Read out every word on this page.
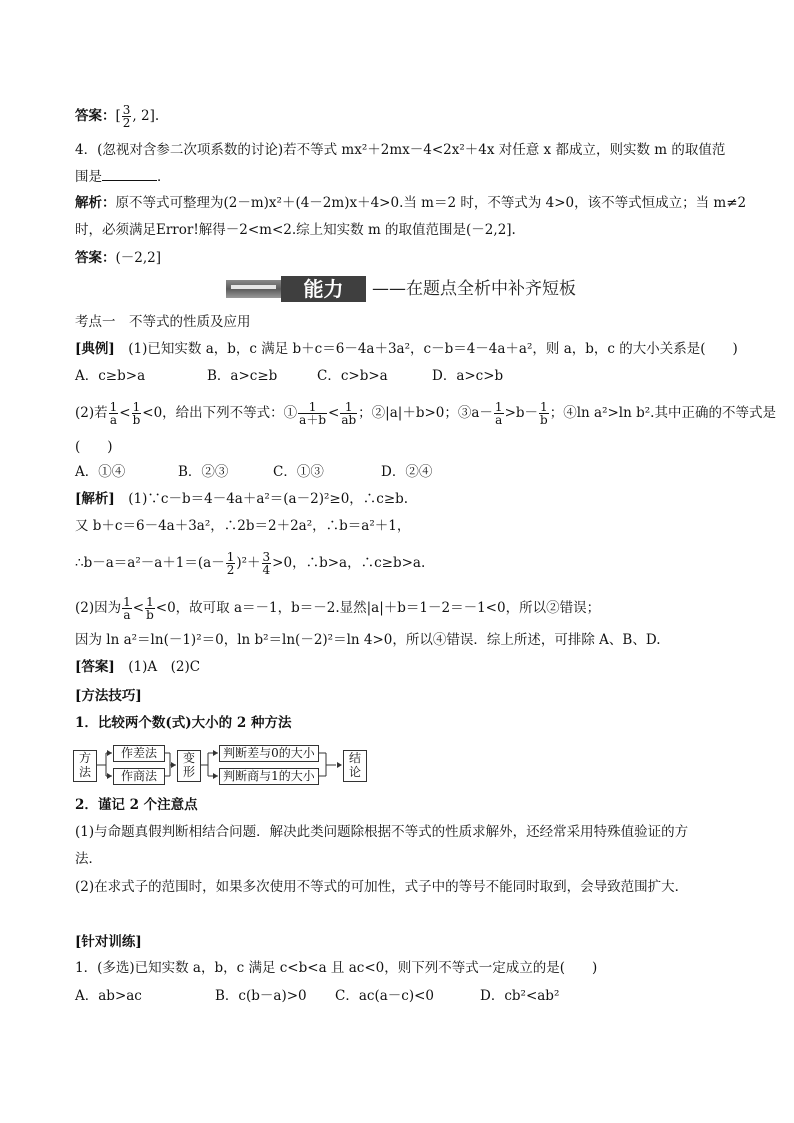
答案：[ $\frac{3}{2}$ , 2].
4．(忽视对含参二次项系数的讨论)若不等式 mx²＋2mx－4<2x²＋4x 对任意 x 都成立，则实数 m 的取值范
围是	．
解析：原不等式可整理为(2－m)x²＋(4－2m)x＋4>0.当 m＝2 时，不等式为 4>0，该不等式恒成立；当 m≠2
时，必须满足Error!解得－2<m<2.综上知实数 m 的取值范围是(－2,2].
答案：(－2,2]
能力	——在题点全析中补齐短板
考点一　不等式的性质及应用
[典例]　 (1)已知实数 a，b，c 满足 b＋c＝6－4a＋3a²，c－b＝4－4a＋a²，则 a，b，c 的大小关系是(　　)
A．c≥b>a	B．a>c≥b	C．c>b>a	D．a>c>b
(2)若 $\frac{1}{a} < \frac{1}{b} <0$，给出下列不等式：① $\frac{1}{a+b} < \frac{1}{ab}$ ；②|a|＋b>0；③a－ $\frac{1}{a} >b- \frac{1}{b}$ ；④ln a²>ln b².其中正确的不等式是
(　　)
A．①④	B．②③	C．①③	D．②④
[解析]　 (1)∵c－b＝4－4a＋a²＝(a－2)²≥0，∴c≥b.
又 b＋c＝6－4a＋3a²，∴2b＝2＋2a²，∴b＝a²＋1，
∴b－a＝a²－a＋1＝(a－ $\frac{1}{2} )^2+ \frac{3}{4} >0$，∴b>a，∴c≥b>a.
(2)因为 $\frac{1}{a} < \frac{1}{b} <0$，故可取 a＝－1，b＝－2.显然|a|＋b＝1－2＝－1<0，所以②错误；
因为 ln a²＝ln(－1)²＝0，ln b²＝ln(－2)²＝ln 4>0，所以④错误．综上所述，可排除 A、B、D.
[答案]　 (1)A　(2)C
[方法技巧]
1．比较两个数(式)大小的 2 种方法
方
法
作差法
作商法
变
形
判断差与0的大小
判断商与1的大小
结
论
2．谨记 2 个注意点
(1)与命题真假判断相结合问题．解决此类问题除根据不等式的性质求解外，还经常采用特殊值验证的方
法．
(2)在求式子的范围时，如果多次使用不等式的可加性，式子中的等号不能同时取到，会导致范围扩大．
[针对训练]
1．(多选)已知实数 a，b，c 满足 c<b<a 且 ac<0，则下列不等式一定成立的是(　　)
A．ab>ac	B．c(b－a)>0 C．ac(a－c)<0	D．cb²<ab²
